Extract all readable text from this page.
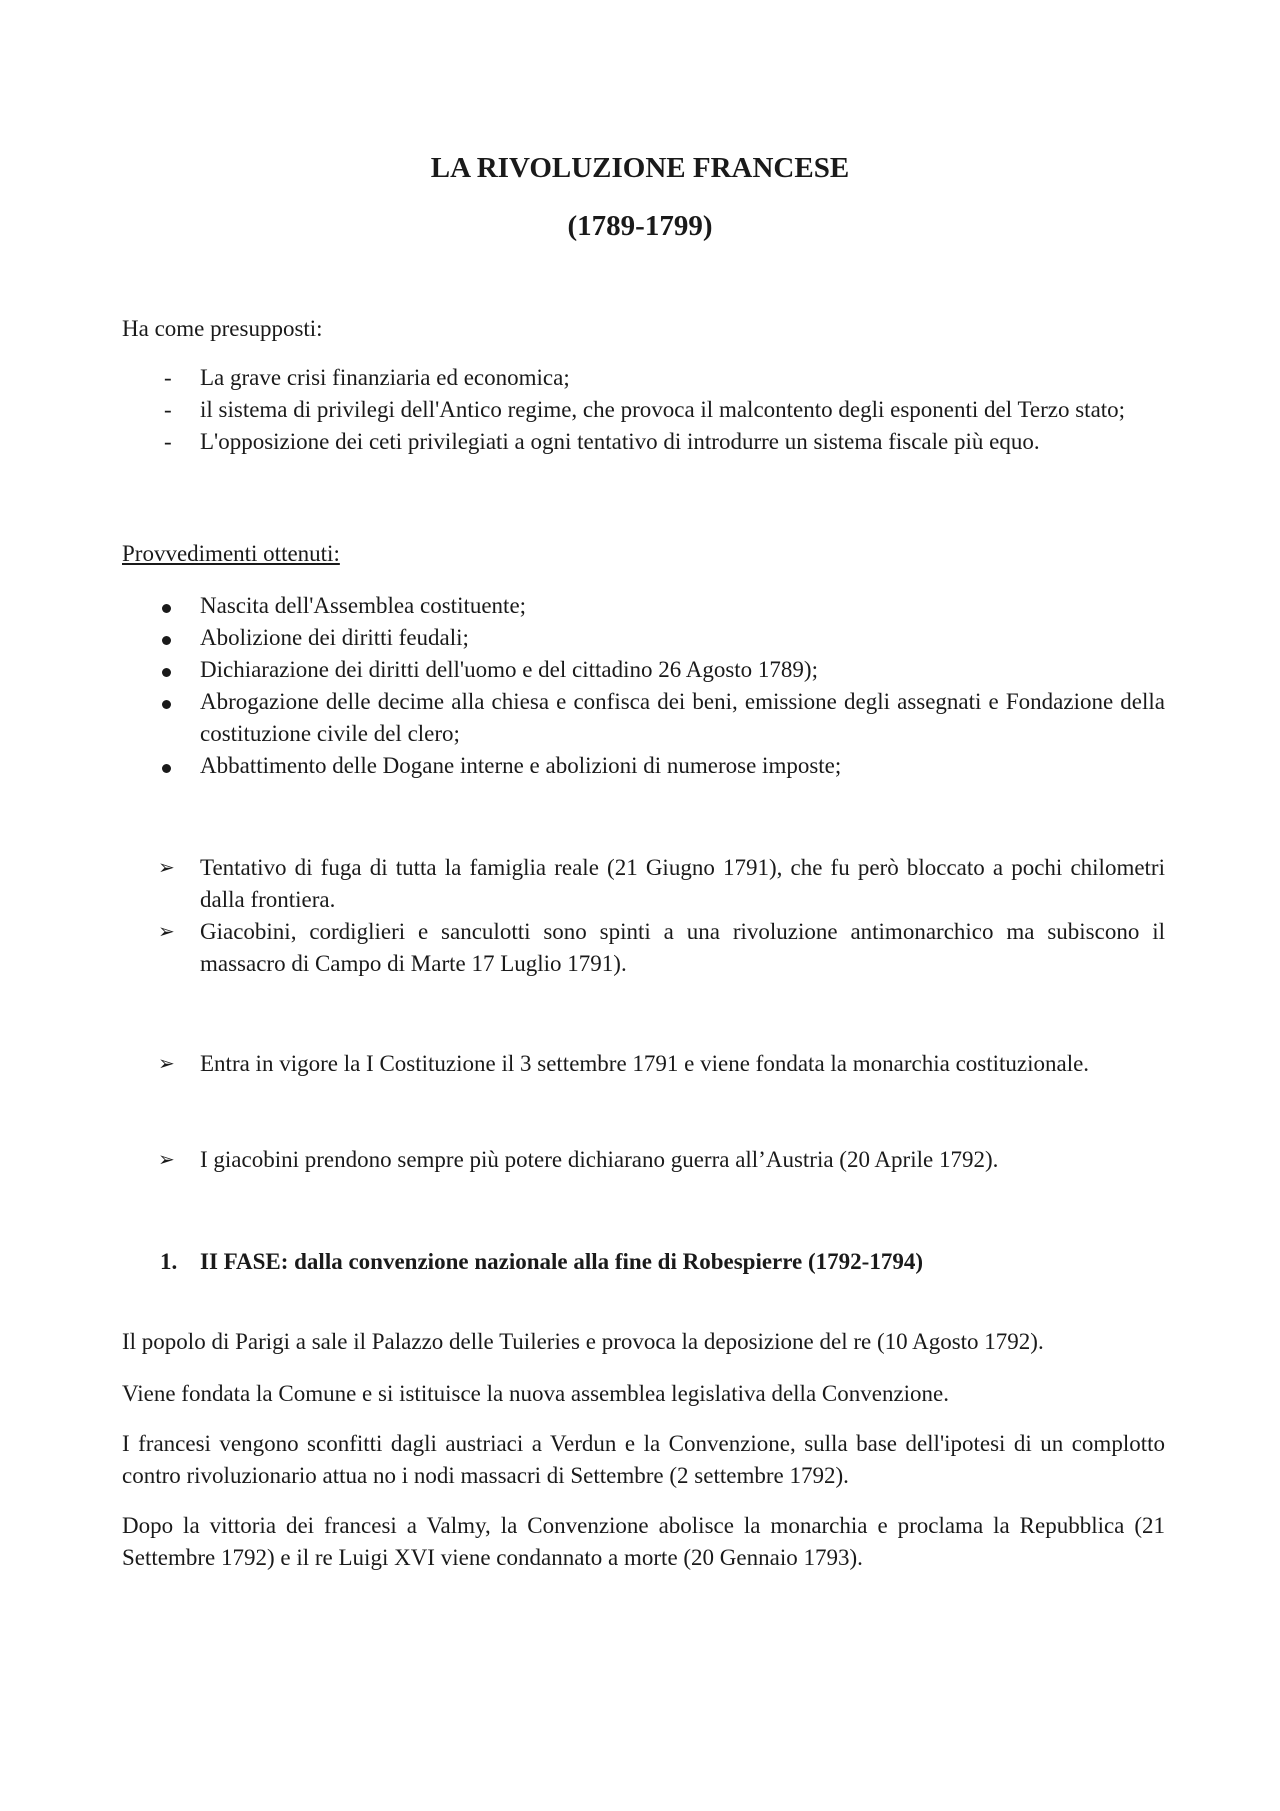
LA RIVOLUZIONE FRANCESE
(1789-1799)

Ha come presupposti:

- La grave crisi finanziaria ed economica;
- il sistema di privilegi dell'Antico regime, che provoca il malcontento degli esponenti del Terzo stato;
- L'opposizione dei ceti privilegiati a ogni tentativo di introdurre un sistema fiscale più equo.

Provvedimenti ottenuti:

Nascita dell'Assemblea costituente;
Abolizione dei diritti feudali;
Dichiarazione dei diritti dell'uomo e del cittadino 26 Agosto 1789);
Abrogazione delle decime alla chiesa e confisca dei beni, emissione degli assegnati e Fondazione della costituzione civile del clero;
Abbattimento delle Dogane interne e abolizioni di numerose imposte;
➢ Tentativo di fuga di tutta la famiglia reale (21 Giugno 1791), che fu però bloccato a pochi chilometri dalla frontiera.
➢ Giacobini, cordiglieri e sanculotti sono spinti a una rivoluzione antimonarchico ma subiscono il massacro di Campo di Marte 17 Luglio 1791).
➢ Entra in vigore la I Costituzione il 3 settembre 1791 e viene fondata la monarchia costituzionale.
➢ I giacobini prendono sempre più potere dichiarano guerra all’Austria (20 Aprile 1792).
1. II FASE: dalla convenzione nazionale alla fine di Robespierre (1792-1794)

Il popolo di Parigi a sale il Palazzo delle Tuileries e provoca la deposizione del re (10 Agosto 1792).

Viene fondata la Comune e si istituisce la nuova assemblea legislativa della Convenzione.

I francesi vengono sconfitti dagli austriaci a Verdun e la Convenzione, sulla base dell'ipotesi di un complotto contro rivoluzionario attua no i nodi massacri di Settembre (2 settembre 1792).

Dopo la vittoria dei francesi a Valmy, la Convenzione abolisce la monarchia e proclama la Repubblica (21 Settembre 1792) e il re Luigi XVI viene condannato a morte (20 Gennaio 1793).
